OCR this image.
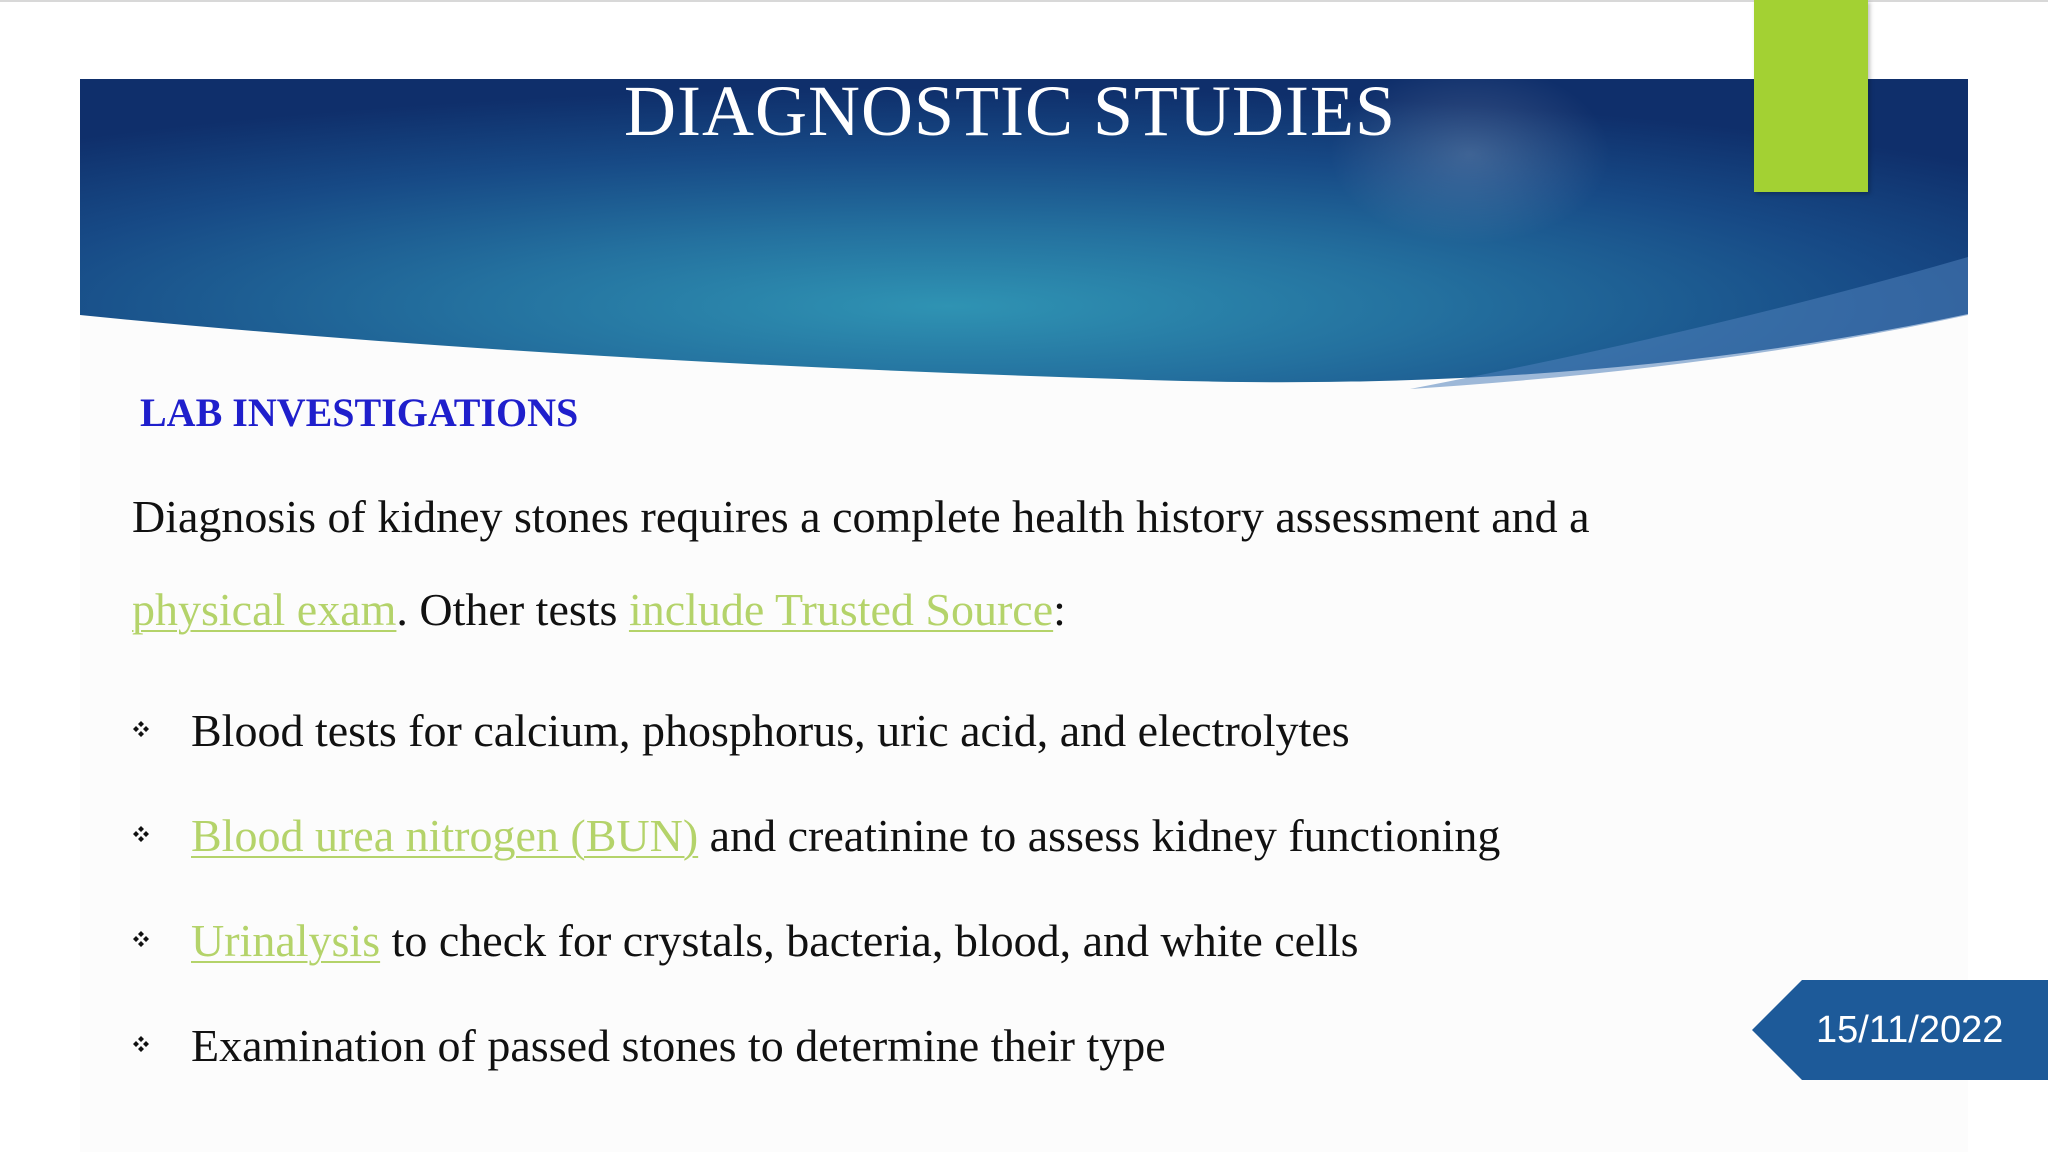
DIAGNOSTIC STUDIES
LAB INVESTIGATIONS
Diagnosis of kidney stones requires a complete health history assessment and a physical exam. Other tests include Trusted Source:
Blood tests for calcium, phosphorus, uric acid, and electrolytes
Blood urea nitrogen (BUN) and creatinine to assess kidney functioning
Urinalysis to check for crystals, bacteria, blood, and white cells
Examination of passed stones to determine their type	15/11/2022
